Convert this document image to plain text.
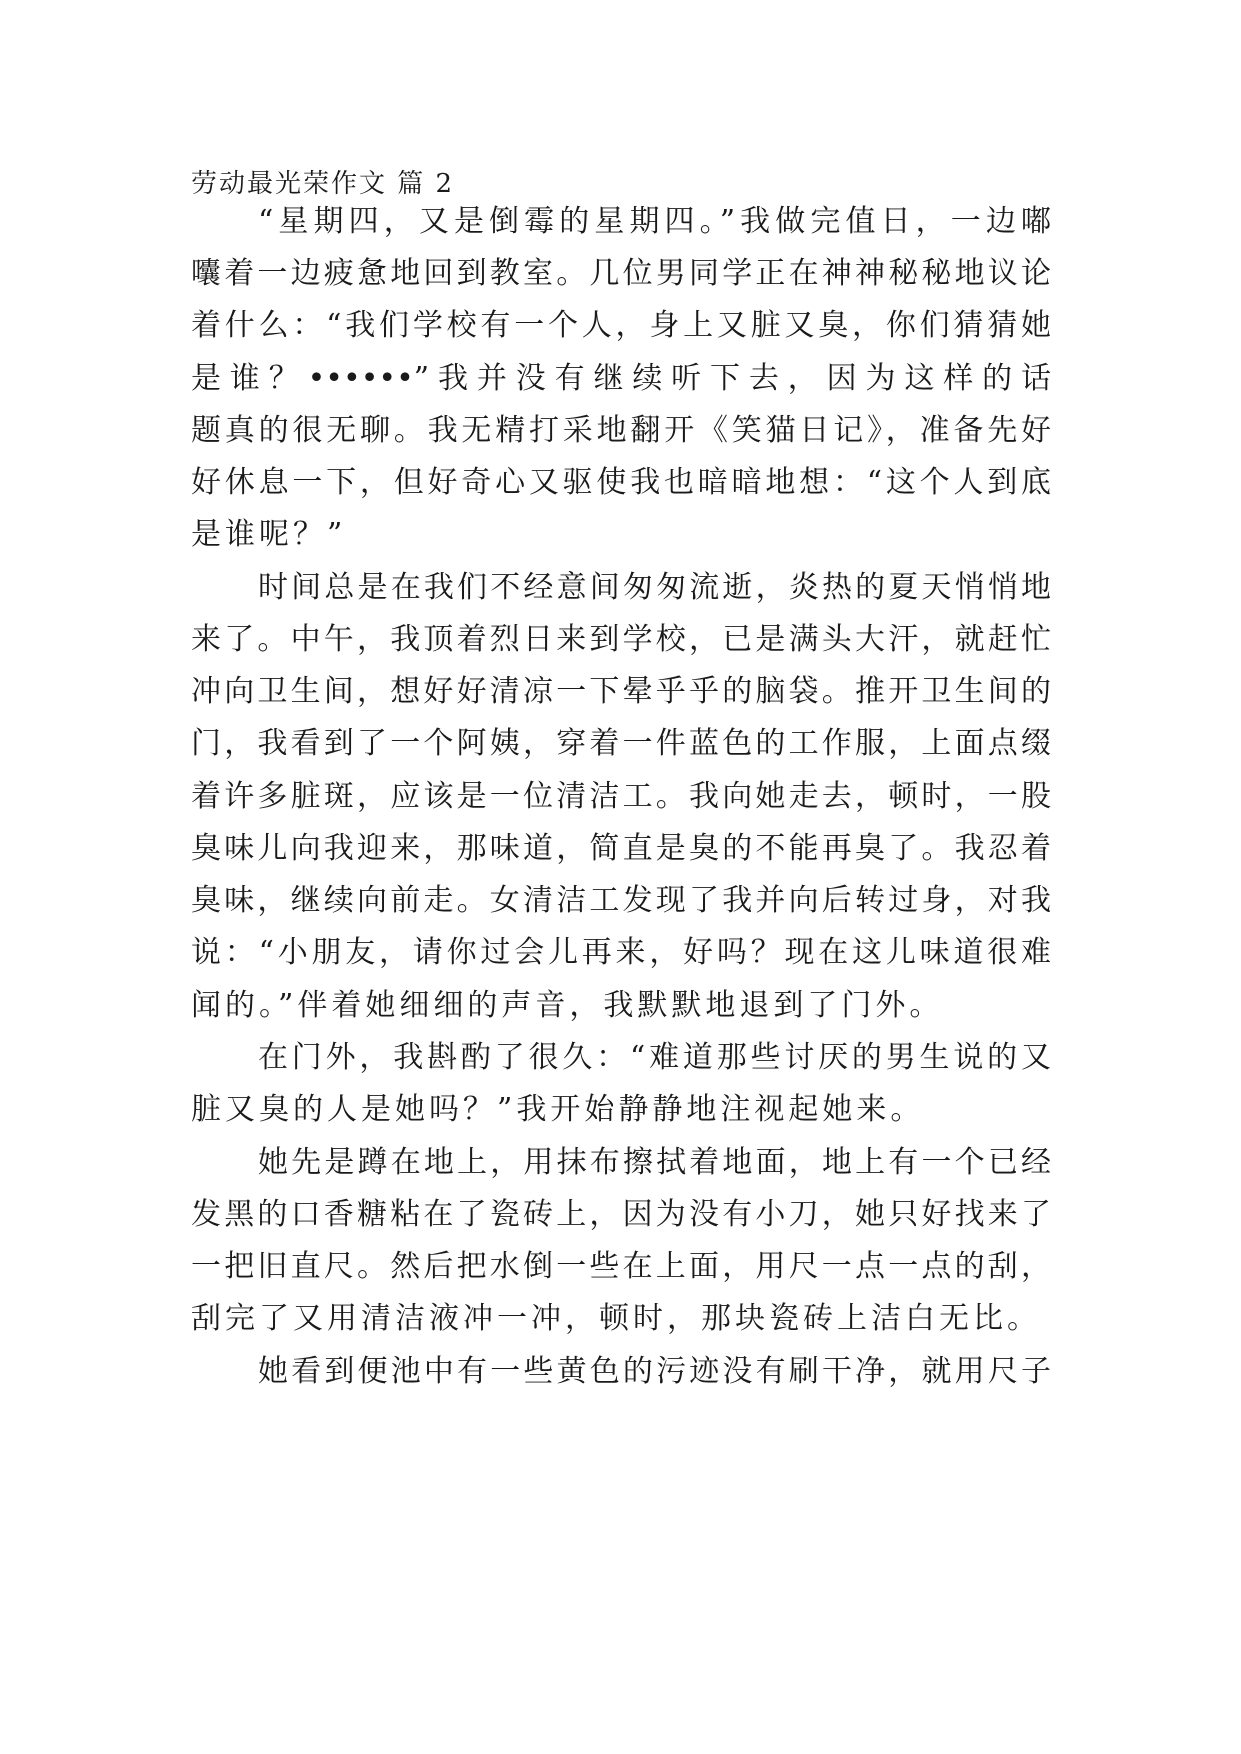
劳动最光荣作文 篇 2

“星期四，又是倒霉的星期四。”我做完值日，一边嘟

囔着一边疲惫地回到教室。几位男同学正在神神秘秘地议论

着什么：“我们学校有一个人，身上又脏又臭，你们猜猜她

是谁？••••••”我并没有继续听下去，因为这样的话

题真的很无聊。我无精打采地翻开《笑猫日记》，准备先好

好休息一下，但好奇心又驱使我也暗暗地想：“这个人到底

是谁呢？”

时间总是在我们不经意间匆匆流逝，炎热的夏天悄悄地

来了。中午，我顶着烈日来到学校，已是满头大汗，就赶忙

冲向卫生间，想好好清凉一下晕乎乎的脑袋。推开卫生间的

门，我看到了一个阿姨，穿着一件蓝色的工作服，上面点缀

着许多脏斑，应该是一位清洁工。我向她走去，顿时，一股

臭味儿向我迎来，那味道，简直是臭的不能再臭了。我忍着

臭味，继续向前走。女清洁工发现了我并向后转过身，对我

说：“小朋友，请你过会儿再来，好吗？现在这儿味道很难

闻的。”伴着她细细的声音，我默默地退到了门外。

在门外，我斟酌了很久：“难道那些讨厌的男生说的又

脏又臭的人是她吗？”我开始静静地注视起她来。

她先是蹲在地上，用抹布擦拭着地面，地上有一个已经

发黑的口香糖粘在了瓷砖上，因为没有小刀，她只好找来了

一把旧直尺。然后把水倒一些在上面，用尺一点一点的刮，

刮完了又用清洁液冲一冲，顿时，那块瓷砖上洁白无比。

她看到便池中有一些黄色的污迹没有刷干净，就用尺子
